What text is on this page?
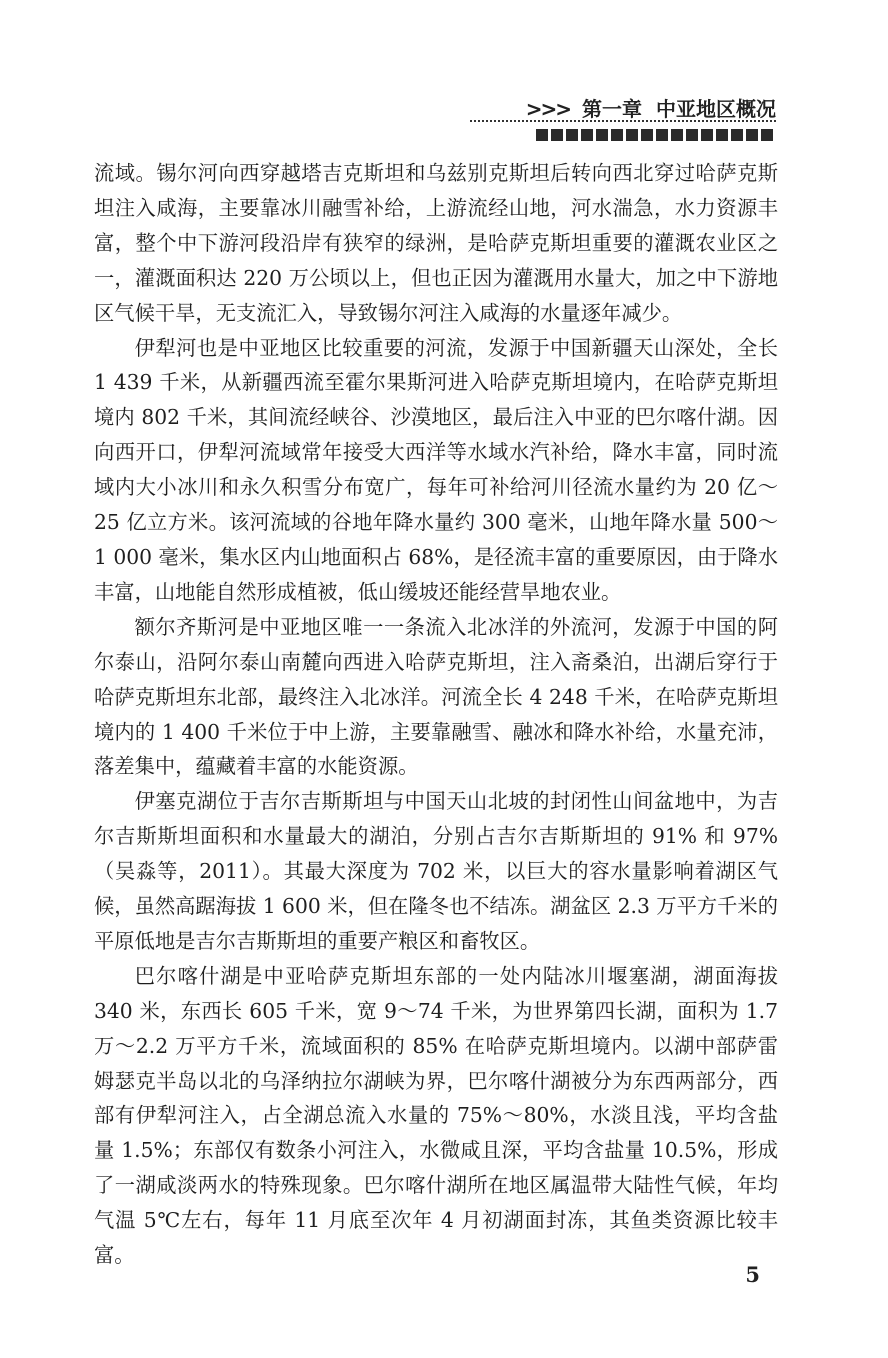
>>> 第一章 中亚地区概况

流域。锡尔河向西穿越塔吉克斯坦和乌兹别克斯坦后转向西北穿过哈萨克斯坦注入咸海，主要靠冰川融雪补给，上游流经山地，河水湍急，水力资源丰富，整个中下游河段沿岸有狭窄的绿洲，是哈萨克斯坦重要的灌溉农业区之一，灌溉面积达 220 万公顷以上，但也正因为灌溉用水量大，加之中下游地区气候干旱，无支流汇入，导致锡尔河注入咸海的水量逐年减少。

伊犁河也是中亚地区比较重要的河流，发源于中国新疆天山深处，全长 1 439 千米，从新疆西流至霍尔果斯河进入哈萨克斯坦境内，在哈萨克斯坦境内 802 千米，其间流经峡谷、沙漠地区，最后注入中亚的巴尔喀什湖。因向西开口，伊犁河流域常年接受大西洋等水域水汽补给，降水丰富，同时流域内大小冰川和永久积雪分布宽广，每年可补给河川径流水量约为 20 亿～25 亿立方米。该河流域的谷地年降水量约 300 毫米，山地年降水量 500～1 000 毫米，集水区内山地面积占 68%，是径流丰富的重要原因，由于降水丰富，山地能自然形成植被，低山缓坡还能经营旱地农业。

额尔齐斯河是中亚地区唯一一条流入北冰洋的外流河，发源于中国的阿尔泰山，沿阿尔泰山南麓向西进入哈萨克斯坦，注入斋桑泊，出湖后穿行于哈萨克斯坦东北部，最终注入北冰洋。河流全长 4 248 千米，在哈萨克斯坦境内的 1 400 千米位于中上游，主要靠融雪、融冰和降水补给，水量充沛，落差集中，蕴藏着丰富的水能资源。

伊塞克湖位于吉尔吉斯斯坦与中国天山北坡的封闭性山间盆地中，为吉尔吉斯斯坦面积和水量最大的湖泊，分别占吉尔吉斯斯坦的 91% 和 97%（吴淼等，2011）。其最大深度为 702 米，以巨大的容水量影响着湖区气候，虽然高踞海拔 1 600 米，但在隆冬也不结冻。湖盆区 2.3 万平方千米的平原低地是吉尔吉斯斯坦的重要产粮区和畜牧区。

巴尔喀什湖是中亚哈萨克斯坦东部的一处内陆冰川堰塞湖，湖面海拔 340 米，东西长 605 千米，宽 9～74 千米，为世界第四长湖，面积为 1.7 万～2.2 万平方千米，流域面积的 85% 在哈萨克斯坦境内。以湖中部萨雷姆瑟克半岛以北的乌泽纳拉尔湖峡为界，巴尔喀什湖被分为东西两部分，西部有伊犁河注入，占全湖总流入水量的 75%～80%，水淡且浅，平均含盐量 1.5%；东部仅有数条小河注入，水微咸且深，平均含盐量 10.5%，形成了一湖咸淡两水的特殊现象。巴尔喀什湖所在地区属温带大陆性气候，年均气温 5℃左右，每年 11 月底至次年 4 月初湖面封冻，其鱼类资源比较丰富。

5
